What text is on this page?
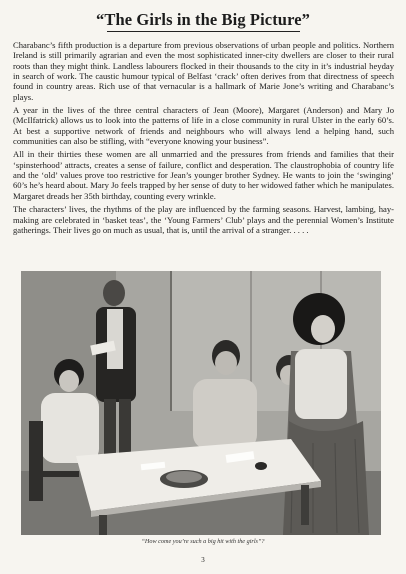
“The Girls in the Big Picture”

Charabanc’s fifth production is a departure from previous observations of urban people and politics. Northern Ireland is still primarily agrarian and even the most sophisticated inner-city dwellers are closer to their rural roots than they might think. Landless labourers flocked in their thousands to the city in it’s industrial heyday in search of work. The caustic humour typical of Belfast ‘crack’ often derives from that directness of speech found in country areas. Rich use of that vernacular is a hallmark of Marie Jone’s writing and Charabanc’s plays.

A year in the lives of the three central characters of Jean (Moore), Margaret (Anderson) and Mary Jo (McIlfatrick) allows us to look into the patterns of life in a close community in rural Ulster in the early 60’s. At best a supportive network of friends and neighbours who will always lend a helping hand, such communities can also be stifling, with “everyone knowing your business”.

All in their thirties these women are all unmarried and the pressures from friends and families that their ‘spinsterhood’ attracts, creates a sense of failure, conflict and desperation. The claustrophobia of country life and the ‘old’ values prove too restrictive for Jean’s younger brother Sydney. He wants to join the ‘swinging’ 60’s he’s heard about. Mary Jo feels trapped by her sense of duty to her widowed father which he manipulates. Margaret dreads her 35th birthday, counting every wrinkle.

The characters’ lives, the rhythms of the play are influenced by the farming seasons. Harvest, lambing, hay-making are celebrated in ‘basket teas’, the ‘Young Farmers’ Club’ plays and the perennial Women’s Institute gatherings. Their lives go on much as usual, that is, until the arrival of a stranger. . . . .

“How come you’re such a big hit with the girls”?
3
